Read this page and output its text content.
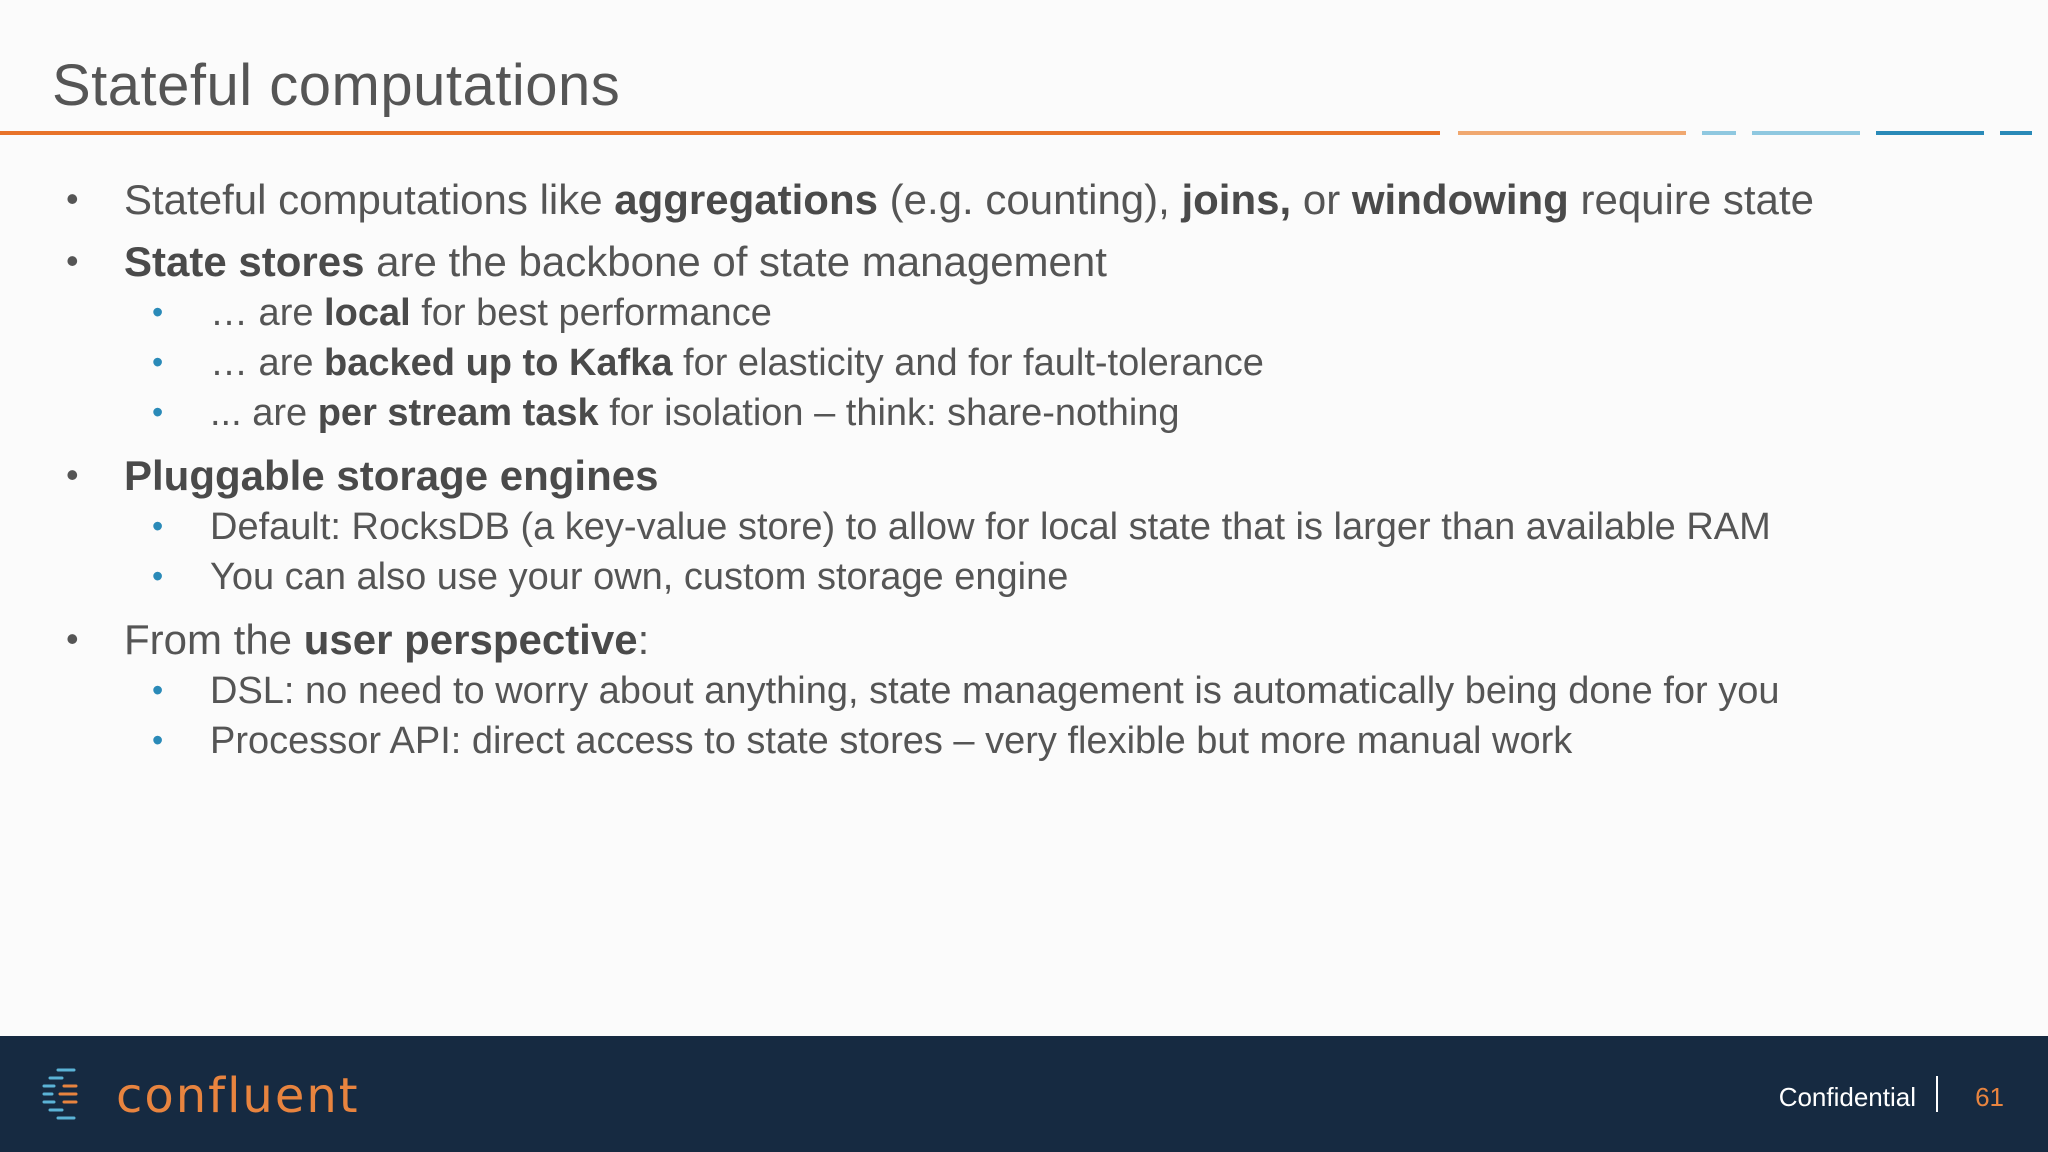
Stateful computations
• Stateful computations like aggregations (e.g. counting), joins, or windowing require state
• State stores are the backbone of state management
• … are local for best performance
• … are backed up to Kafka for elasticity and for fault-tolerance
• ... are per stream task for isolation – think: share-nothing
• Pluggable storage engines
• Default: RocksDB (a key-value store) to allow for local state that is larger than available RAM
• You can also use your own, custom storage engine
• From the user perspective:
• DSL: no need to worry about anything, state management is automatically being done for you
• Processor API: direct access to state stores – very flexible but more manual work
confluent	Confidential 61
